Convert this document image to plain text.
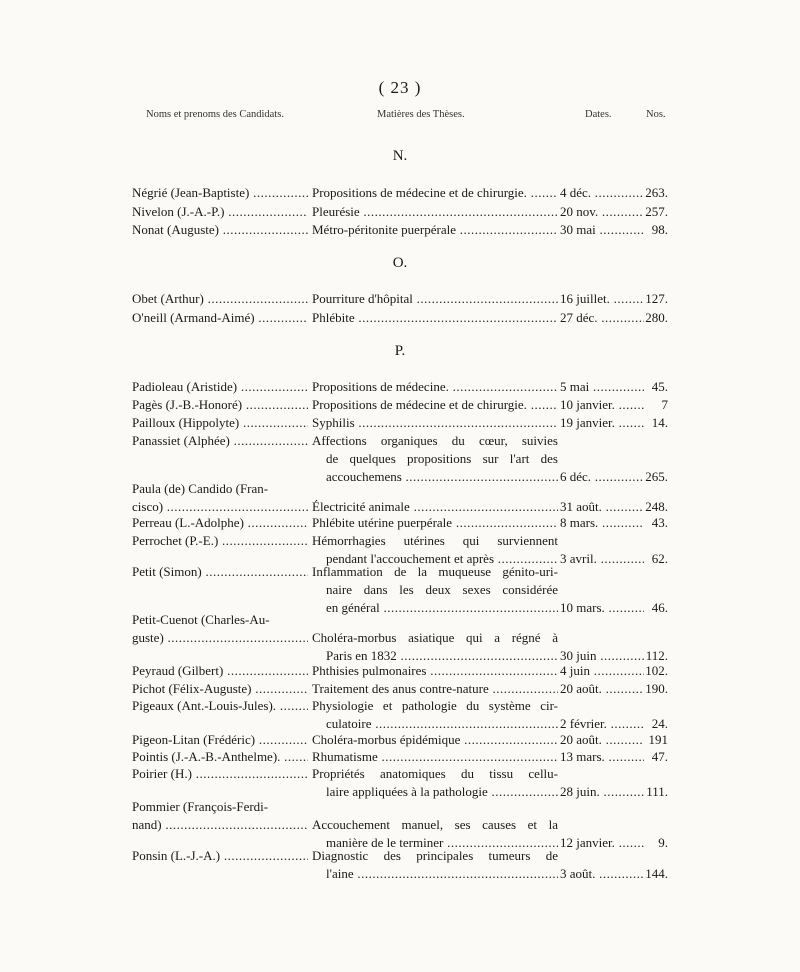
( 23 )
Noms et prenoms des Candidats.	Matières des Thèses.	Dates.	Nos.
N.
O.
P.
Négrié (Jean-Baptiste) .....	Propositions de médecine et de chirurgie. .....	4 déc. .....	263.
Nivelon (J.-A.-P.) .....	Pleurésie .....	20 nov. .....	257.
Nonat (Auguste) .....	Métro-péritonite puerpérale .....	30 mai .....	98.
Obet (Arthur) .....	Pourriture d'hôpital .....	16 juillet. .....	127.
O'neill (Armand-Aimé) .....	Phlébite .....	27 déc. .....	280.
Padioleau (Aristide) .....	Propositions de médecine. .....	5 mai .....	45.
Pagès (J.-B.-Honoré) .....	Propositions de médecine et de chirurgie. .....	10 janvier. .....	7
Pailloux (Hippolyte) .....	Syphilis .....	19 janvier. .....	14.
Panassiet (Alphée) .....	Affections organiques du cœur, suivies
de quelques propositions sur l'art des
accouchemens .....	6 déc. .....	265.
Paula (de) Candido (Fran-
cisco) .....	Électricité animale .....	31 août. .....	248.
Perreau (L.-Adolphe) .....	Phlébite utérine puerpérale .....	8 mars. .....	43.
Perrochet (P.-E.) .....	Hémorrhagies utérines qui surviennent
pendant l'accouchement et après .....	3 avril. .....	62.
Petit (Simon) .....	Inflammation de la muqueuse génito-uri-
naire dans les deux sexes considérée
en général .....	10 mars. .....	46.
Petit-Cuenot (Charles-Au-
guste) .....	Choléra-morbus asiatique qui a régné à
Paris en 1832 .....	30 juin .....	112.
Peyraud (Gilbert) .....	Phthisies pulmonaires .....	4 juin .....	102.
Pichot (Félix-Auguste) .....	Traitement des anus contre-nature .....	20 août. .....	190.
Pigeaux (Ant.-Louis-Jules). .....	Physiologie et pathologie du système cir-
culatoire .....	2 février. .....	24.
Pigeon-Litan (Frédéric) .....	Choléra-morbus épidémique .....	20 août. .....	191
Pointis (J.-A.-B.-Anthelme). .....	Rhumatisme .....	13 mars. .....	47.
Poirier (H.) .....	Propriétés anatomiques du tissu cellu-
laire appliquées à la pathologie .....	28 juin. .....	111.
Pommier (François-Ferdi-
nand) .....	Accouchement manuel, ses causes et la
manière de le terminer .....	12 janvier. .....	9.
Ponsin (L.-J.-A.) .....	Diagnostic des principales tumeurs de
l'aine .....	3 août. .....	144.
